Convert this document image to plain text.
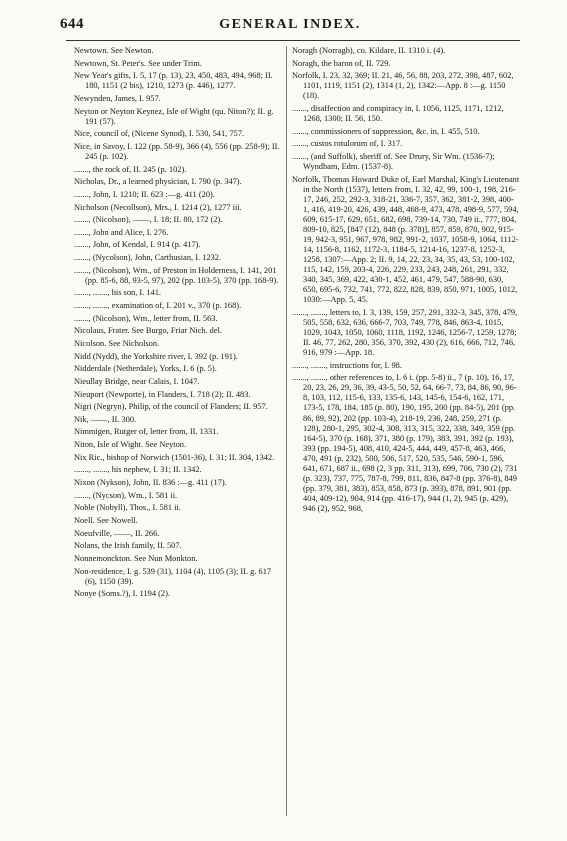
644	GENERAL INDEX.
Newtown. See Newton.
Newtown, St. Peter's. See under Trim.
New Year's gifts, I. 5, 17 (p. 13), 23, 450, 483, 494, 968; II. 180, 1151 (2 bis), 1210, 1273 (p. 446), 1277.
Newynden, James, I. 957.
Neyton or Neyton Keynez, Isle of Wight (qu. Niton?); II. g. 191 (57).
Nice, council of, (Nicene Synod), I. 530, 541, 757.
Nice, in Savoy, I. 122 (pp. 58-9), 366 (4), 556 (pp. 258-9); II. 245 (p. 102).
......., the rock of, II. 245 (p. 102).
Nicholas, Dr., a learned physician, I. 790 (p. 347).
......., John, I. 1210; II. 623 :—g. 411 (20).
Nicholson (Necollson), Mrs., I. 1214 (2), 1277 iii.
......., (Nicolson), ——, I. 18; II. 80, 172 (2).
......., John and Alice, I. 276.
......., John, of Kendal, I. 914 (p. 417).
......., (Nycolson), John, Carthusian, I. 1232.
......., (Nicolson), Wm., of Preston in Holderness, I. 141, 201 (pp. 85-6, 88, 93-5, 97), 202 (pp. 103-5), 370 (pp. 168-9).
......., ......., his son, I. 141.
......., ......., examination of, I. 201 v., 370 (p. 168).
......., (Nicolson), Wm., letter from, II. 563.
Nicolaus, Frater. See Burgo, Friar Nich. del.
Nicolson. See Nicholson.
Nidd (Nydd), the Yorkshire river, I. 392 (p. 191).
Nidderdale (Netherdale), Yorks, I. 6 (p. 5).
Nieullay Bridge, near Calais, I. 1047.
Nieuport (Newporte), in Flanders, I. 718 (2); II. 483.
Nigri (Negryn), Philip, of the council of Flanders; II. 957.
Nik, ——, II. 300.
Nimmigen, Rutger of, letter from, II. 1331.
Niton, Isle of Wight. See Neyton.
Nix Ric., bishop of Norwich (1501-36), I. 31; II. 304, 1342.
......., ......., his nephew, I. 31; II. 1342.
Nixon (Nykson), John, II. 836 :—g. 411 (17).
......., (Nycson), Wm., I. 581 ii.
Noble (Nobyll), Thos., I. 581 ii.
Noell. See Nowell.
Noeufville, ——, II. 266.
Nolans, the Irish family, II. 507.
Nonnemonckton. See Nun Monkton.
Non-residence, I. g. 539 (31), 1104 (4), 1105 (3); II. g. 617 (6), 1150 (39).
Nonye (Soms.?), I. 1194 (2).
Noragh (Norragh), co. Kildare, II. 1310 i. (4).
Noragh, the baron of, II. 729.
Norfolk, I. 23, 32, 369; II. 21, 46, 56, 88, 203, 272, 398, 487, 602, 1101, 1119, 1151 (2), 1314 (1, 2), 1342:—App. 8 :—g. 1150 (18).
......., disaffection and conspiracy in, I. 1056, 1125, 1171, 1212, 1268, 1300; II. 56, 150.
......., commissioners of suppression, &c. in, I. 455, 510.
......., custos rotulorum of, I. 317.
......., (and Suffolk), sheriff of. See Drury, Sir Wm. (1536-7); Wyndham, Edm. (1537-8).
Norfolk, Thomas Howard Duke of, Earl Marshal, King's Lieutenant in the North (1537), letters from, I. 32, 42, 99, 100-1, 198, 216-17, 246, 252, 292-3, 318-21, 336-7, 357, 362, 381-2, 398, 400-1, 416, 419-20, 426, 439, 448, 468-9, 473, 478, 498-9, 577, 594, 609, 615-17, 629, 651, 682, 698, 739-14, 730, 749 ii., 777, 804, 809-10, 825, [847 (12), 848 (p. 378)], 857, 859, 870, 902, 915-19, 942-3, 951, 967, 978, 982, 991-2, 1037, 1058-9, 1064, 1112-14, 1156-8, 1162, 1172-3, 1184-5, 1214-16, 1237-8, 1252-3, 1258, 1307:—App. 2; II. 9, 14, 22, 23, 34, 35, 43, 53, 100-102, 115, 142, 159, 203-4, 226, 229, 233, 243, 248, 261, 291, 332, 340, 345, 369, 422, 430-1, 452, 461, 479, 547, 588-90, 630, 650, 695-6, 732, 741, 772, 822, 828, 839, 850, 971, 1005, 1012, 1030:—App. 5, 45.
......., ......., letters to, I. 3, 139, 159, 257, 291, 332-3, 345, 378, 479, 505, 558, 632, 636, 666-7, 703, 749, 778, 846, 863-4, 1015, 1029, 1043, 1050, 1060, 1118, 1192, 1246, 1256-7, 1259, 1278; II. 46, 77, 262, 280, 356, 370, 392, 430 (2), 616, 666, 712, 746, 916, 979 :—App. 18.
......., ......., instructions for, I. 98.
......., ......., other references to, I. 6 i. (pp. 5-8) ii., 7 (p. 10), 16, 17, 20, 23, 26, 29, 36, 39, 43-5, 50, 52, 64, 66-7, 73, 84, 86, 90, 96-8, 103, 112, 115-6, 133, 135-6, 143, 145-6, 154-6, 162, 171, 173-5, 178, 184, 185 (p. 80), 190, 195, 200 (pp. 84-5), 201 (pp. 86, 89, 92), 202 (pp. 103-4), 218-19, 236, 248, 259, 271 (p. 128), 280-1, 295, 302-4, 308, 313, 315, 322, 338, 349, 359 (pp. 164-5), 370 (p. 168), 371, 380 (p. 179), 383, 391, 392 (p. 193), 393 (pp. 194-5), 408, 410, 424-5, 444, 449, 457-8, 463, 466, 470, 491 (p. 232), 500, 506, 517, 520, 535, 546, 590-1, 596, 641, 671, 687 ii., 698 (2, 3 pp. 311, 313), 699, 706, 730 (2), 731 (p. 323), 737, 775, 787-8, 799, 811, 836, 847-8 (pp. 376-8), 849 (pp. 379, 381, 383), 853, 858, 873 (p. 393), 878, 891, 901 (pp. 404, 409-12), 904, 914 (pp. 416-17), 944 (1, 2), 945 (p. 429), 946 (2), 952, 968,
